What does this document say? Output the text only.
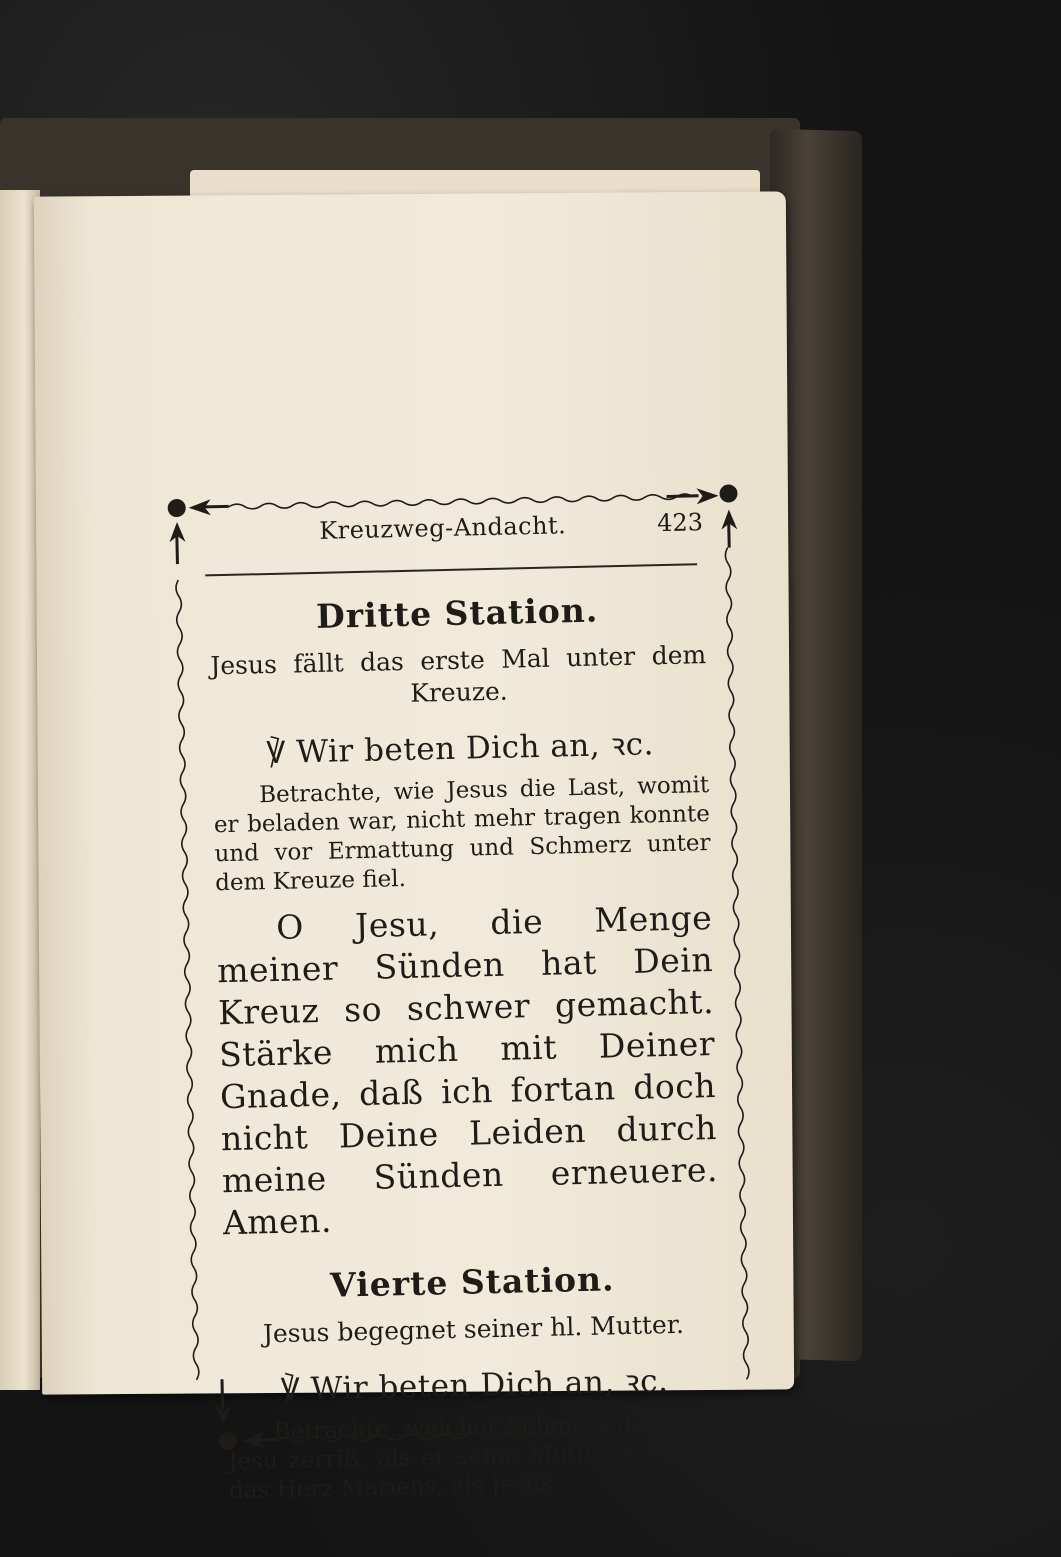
Kreuzweg-Andacht.	423
Dritte Station.
Jesus fällt das erste Mal unter dem Kreuze.
℣ Wir beten Dich an, ꝛc.
Betrachte, wie Jesus die Last, womit er beladen war, nicht mehr tragen konnte und vor Ermattung und Schmerz unter dem Kreuze fiel.
O Jesu, die Menge meiner Sünden hat Dein Kreuz so schwer gemacht. Stärke mich mit Deiner Gnade, daß ich fortan doch nicht Deine Leiden durch meine Sünden erneuere. Amen.
Vierte Station.
Jesus begegnet seiner hl. Mutter.
℣ Wir beten Dich an, ꝛc.
Betrachte, welcher Schmerz das Herz Jesu zerriß, als er seine Mutter sah, und das Herz Mariens, als Jesus
